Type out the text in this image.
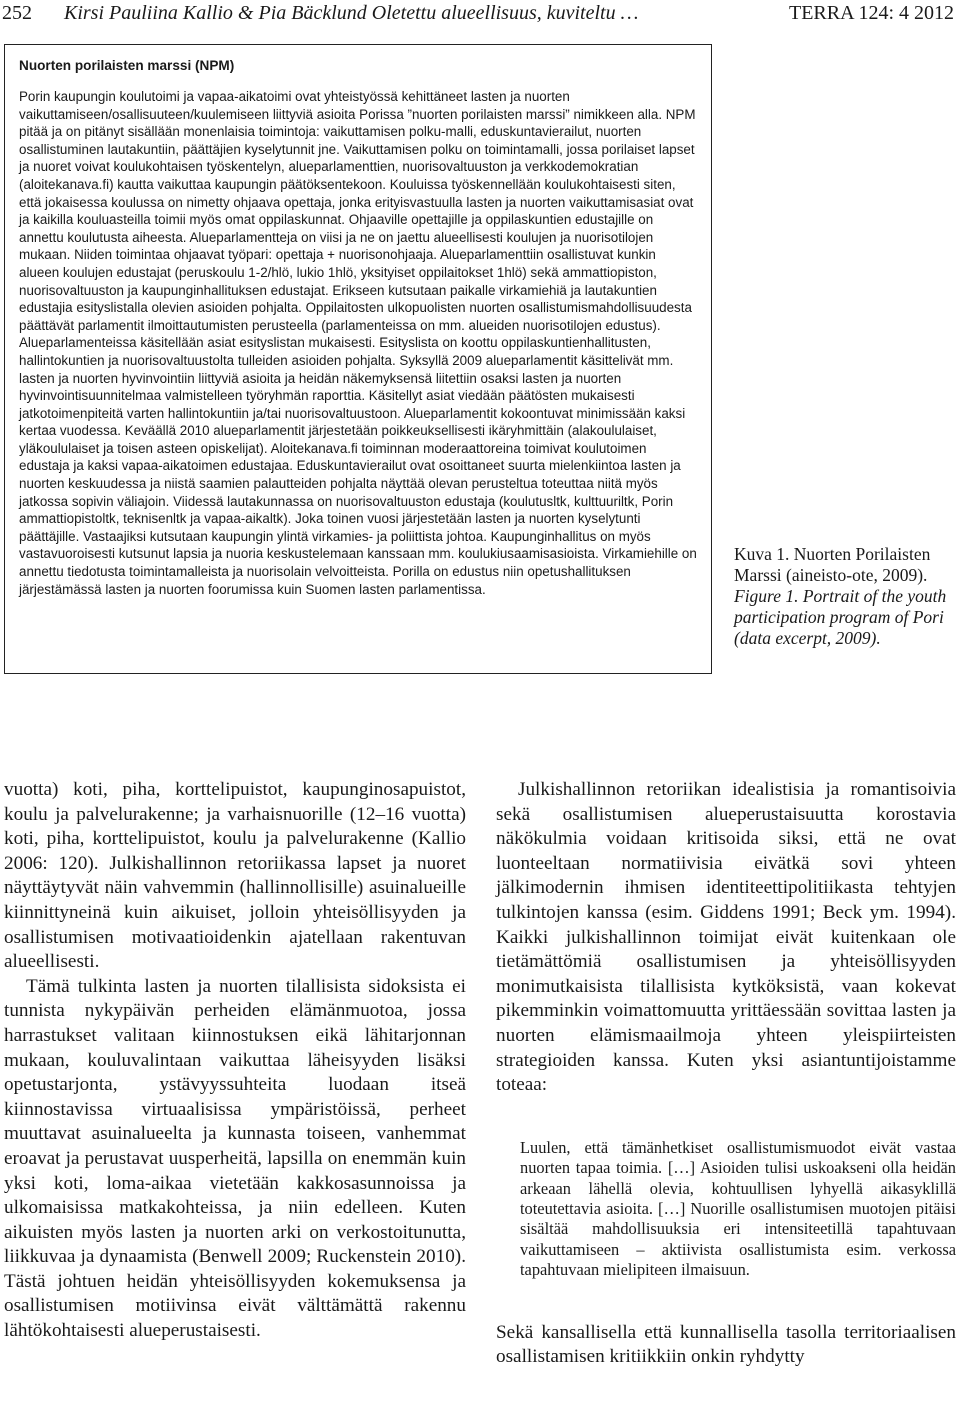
252 Kirsi Pauliina Kallio & Pia Bäcklund Oletettu alueellisuus, kuviteltu …	TERRA 124: 4 2012

Nuorten porilaisten marssi (NPM)

Porin kaupungin koulutoimi ja vapaa-aikatoimi ovat yhteistyössä kehittäneet lasten ja nuorten vaikuttamiseen/osallisuuteen/kuulemiseen liittyviä asioita Porissa ”nuorten porilaisten marssi” nimikkeen alla. NPM pitää ja on pitänyt sisällään monenlaisia toimintoja: vaikuttamisen polku-malli, eduskuntavierailut, nuorten osallistuminen lautakuntiin, päättäjien kyselytunnit jne. Vaikuttamisen polku on toimintamalli, jossa porilaiset lapset ja nuoret voivat koulukohtaisen työskentelyn, alueparlamenttien, nuorisovaltuuston ja verkkodemokratian (aloitekanava.fi) kautta vaikuttaa kaupungin päätöksentekoon. Kouluissa työskennellään koulukohtaisesti siten, että jokaisessa koulussa on nimetty ohjaava opettaja, jonka erityisvastuulla lasten ja nuorten vaikuttamisasiat ovat ja kaikilla kouluasteilla toimii myös omat oppilaskunnat. Ohjaaville opettajille ja oppilaskuntien edustajille on annettu koulutusta aiheesta. Alueparlamentteja on viisi ja ne on jaettu alueellisesti koulujen ja nuorisotilojen mukaan. Niiden toimintaa ohjaavat työpari: opettaja + nuorisonohjaaja. Alueparlamenttiin osallistuvat kunkin alueen koulujen edustajat (peruskoulu 1-2/hlö, lukio 1hlö, yksityiset oppilaitokset 1hlö) sekä ammattiopiston, nuorisovaltuuston ja kaupunginhallituksen edustajat. Erikseen kutsutaan paikalle virkamiehiä ja lautakuntien edustajia esityslistalla olevien asioiden pohjalta. Oppilaitosten ulkopuolisten nuorten osallistumismahdollisuudesta päättävät parlamentit ilmoittautumisten perusteella (parlamenteissa on mm. alueiden nuorisotilojen edustus). Alueparlamenteissa käsitellään asiat esityslistan mukaisesti. Esityslista on koottu oppilaskuntienhallitusten, hallintokuntien ja nuorisovaltuustolta tulleiden asioiden pohjalta. Syksyllä 2009 alueparlamentit käsittelivät mm. lasten ja nuorten hyvinvointiin liittyviä asioita ja heidän näkemyksensä liitettiin osaksi lasten ja nuorten hyvinvointisuunnitelmaa valmistelleen työryhmän raporttia. Käsitellyt asiat viedään päätösten mukaisesti jatkotoimenpiteitä varten hallintokuntiin ja/tai nuorisovaltuustoon. Alueparlamentit kokoontuvat minimissään kaksi kertaa vuodessa. Keväällä 2010 alueparlamentit järjestetään poikkeuksellisesti ikäryhmittäin (alakoululaiset, yläkoululaiset ja toisen asteen opiskelijat). Aloitekanava.fi toiminnan moderaattoreina toimivat koulutoimen edustaja ja kaksi vapaa-aikatoimen edustajaa. Eduskuntavierailut ovat osoittaneet suurta mielenkiintoa lasten ja nuorten keskuudessa ja niistä saamien palautteiden pohjalta näyttää olevan perusteltua toteuttaa niitä myös jatkossa sopivin väliajoin. Viidessä lautakunnassa on nuorisovaltuuston edustaja (koulutusltk, kulttuuriltk, Porin ammattiopistoltk, teknisenltk ja vapaa-aikaltk). Joka toinen vuosi järjestetään lasten ja nuorten kyselytunti päättäjille. Vastaajiksi kutsutaan kaupungin ylintä virkamies- ja poliittista johtoa. Kaupunginhallitus on myös vastavuoroisesti kutsunut lapsia ja nuoria keskustelemaan kanssaan mm. koulukiusaamisasioista. Virkamiehille on annettu tiedotusta toimintamalleista ja nuorisolain velvoitteista. Porilla on edustus niin opetushallituksen järjestämässä lasten ja nuorten foorumissa kuin Suomen lasten parlamentissa.

Kuva 1. Nuorten Porilaisten Marssi (aineisto-ote, 2009).
Figure 1. Portrait of the youth participation program of Pori (data excerpt, 2009).

vuotta) koti, piha, korttelipuistot, kaupunginosapuistot, koulu ja palvelurakenne; ja varhaisnuorille (12–16 vuotta) koti, piha, korttelipuistot, koulu ja palvelurakenne (Kallio 2006: 120). Julkishallinnon retoriikassa lapset ja nuoret näyttäytyvät näin vahvemmin (hallinnollisille) asuinalueille kiinnittyneinä kuin aikuiset, jolloin yhteisöllisyyden ja osallistumisen motivaatioidenkin ajatellaan rakentuvan alueellisesti.

Tämä tulkinta lasten ja nuorten tilallisista sidoksista ei tunnista nykypäivän perheiden elämänmuotoa, jossa harrastukset valitaan kiinnostuksen eikä lähitarjonnan mukaan, kouluvalintaan vaikuttaa läheisyyden lisäksi opetustarjonta, ystävyyssuhteita luodaan itseä kiinnostavissa virtuaalisissa ympäristöissä, perheet muuttavat asuinalueelta ja kunnasta toiseen, vanhemmat eroavat ja perustavat uusperheitä, lapsilla on enemmän kuin yksi koti, loma-aikaa vietetään kakkosasunnoissa ja ulkomaisissa matkakohteissa, ja niin edelleen. Kuten aikuisten myös lasten ja nuorten arki on verkostoitunutta, liikkuvaa ja dynaamista (Benwell 2009; Ruckenstein 2010). Tästä johtuen heidän yhteisöllisyyden kokemuksensa ja osallistumisen motiivinsa eivät välttämättä rakennu lähtökohtaisesti alueperustaisesti.

Julkishallinnon retoriikan idealistisia ja romantisoivia sekä osallistumisen alueperustaisuutta korostavia näkökulmia voidaan kritisoida siksi, että ne ovat luonteeltaan normatiivisia eivätkä sovi yhteen jälkimodernin ihmisen identiteettipolitiikasta tehtyjen tulkintojen kanssa (esim. Giddens 1991; Beck ym. 1994). Kaikki julkishallinnon toimijat eivät kuitenkaan ole tietämättömiä osallistumisen ja yhteisöllisyyden monimutkaisista tilallisista kytköksistä, vaan kokevat pikemminkin voimattomuutta yrittäessään sovittaa lasten ja nuorten elämismaailmoja yhteen yleispiirteisten strategioiden kanssa. Kuten yksi asiantuntijoistamme toteaa:

Luulen, että tämänhetkiset osallistumismuodot eivät vastaa nuorten tapaa toimia. […] Asioiden tulisi uskoakseni olla heidän arkeaan lähellä olevia, kohtuullisen lyhyellä aikasyklillä toteutettavia asioita. […] Nuorille osallistumisen muotojen pitäisi sisältää mahdollisuuksia eri intensiteetillä tapahtuvaan vaikuttamiseen – aktiivista osallistumista esim. verkossa tapahtuvaan mielipiteen ilmaisuun.

Sekä kansallisella että kunnallisella tasolla territoriaalisen osallistamisen kritiikkiin onkin ryhdytty
